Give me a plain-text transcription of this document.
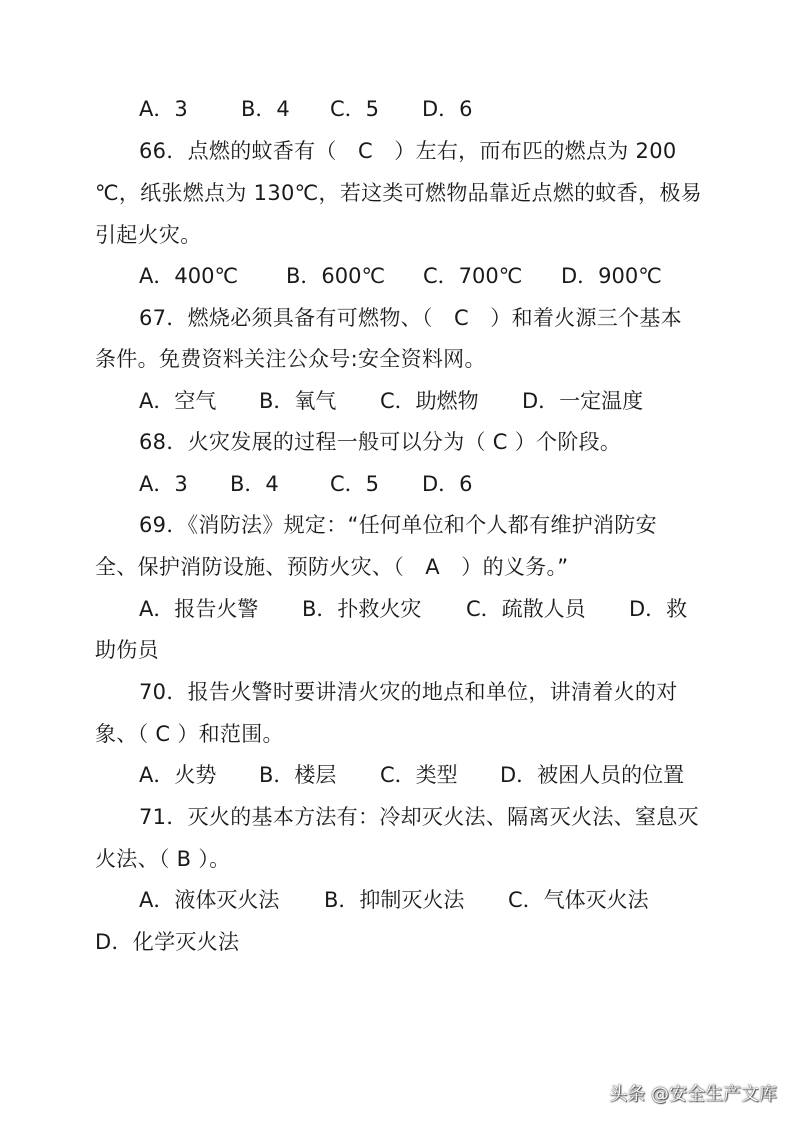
A．3	B．4 C．5 D．6
66．点燃的蚊香有（　C　）左右，而布匹的燃点为 200
℃，纸张燃点为 130℃，若这类可燃物品靠近点燃的蚊香，极易
引起火灾。
A．400℃ B．600℃ C．700℃ D．900℃
67．燃烧必须具备有可燃物、（　C　）和着火源三个基本
条件。免费资料关注公众号:安全资料网。
A．空气 B．氧气 C．助燃物 D．一定温度
68．火灾发展的过程一般可以分为（ C ）个阶段。
A．3 B．4 C．5 D．6
69．《消防法》规定：“任何单位和个人都有维护消防安
全、保护消防设施、预防火灾、（　A　）的义务。”
A．报告火警 B．扑救火灾 C．疏散人员 D．救
助伤员
70．报告火警时要讲清火灾的地点和单位，讲清着火的对
象、（ C ）和范围。
A．火势 B．楼层 C．类型 D．被困人员的位置
71．灭火的基本方法有：冷却灭火法、隔离灭火法、窒息灭
火法、（ B ）。
A．液体灭火法 B．抑制灭火法 C．气体灭火法
D．化学灭火法
头条 @安全生产文库
